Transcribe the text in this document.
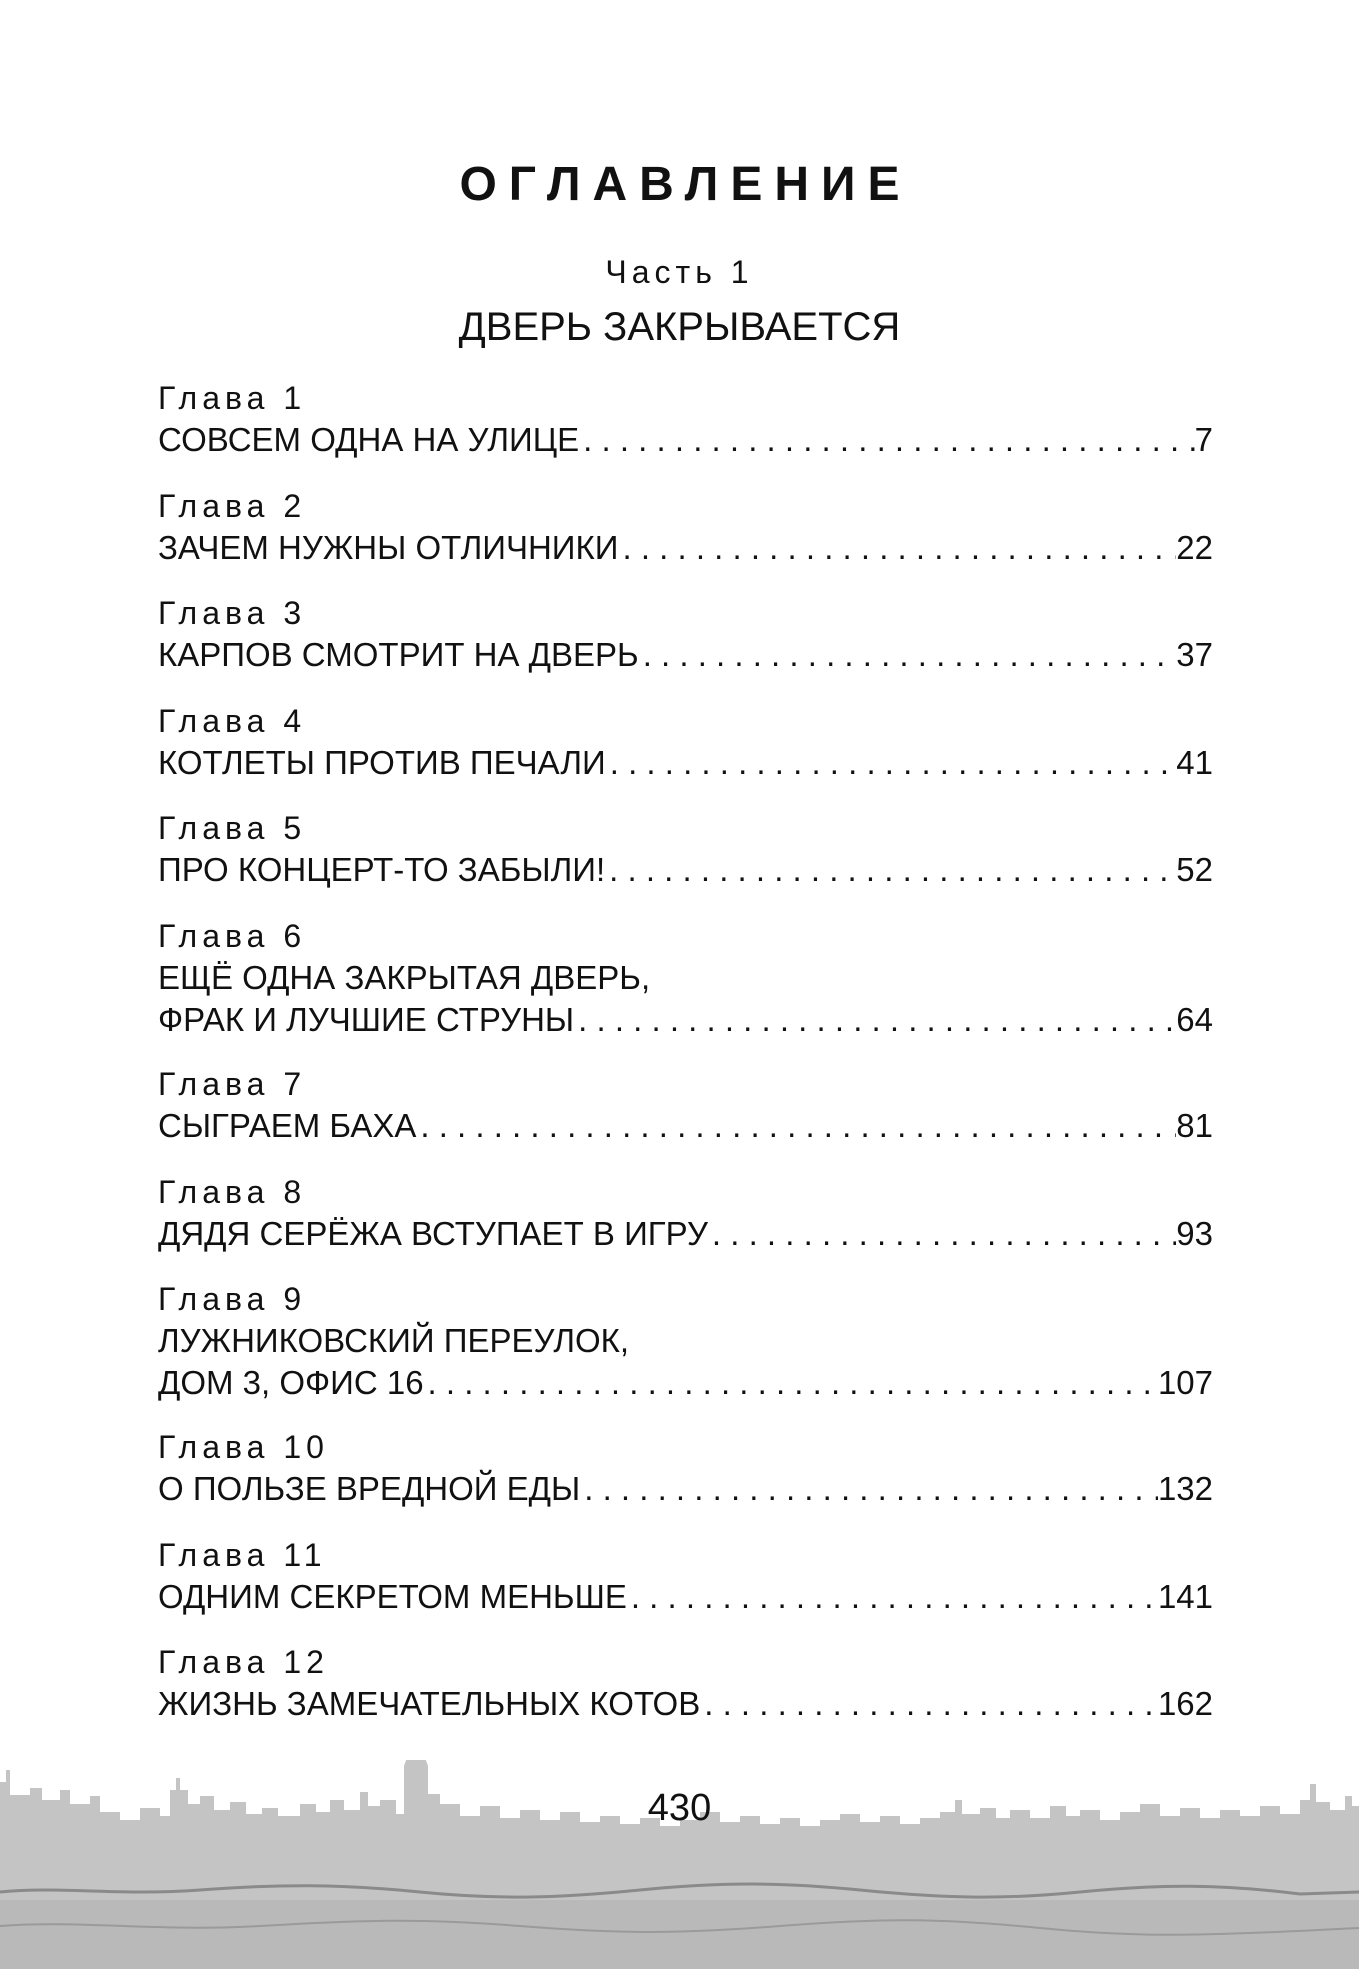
ОГЛАВЛЕНИЕ
Часть 1
ДВЕРЬ ЗАКРЫВАЕТСЯ
Глава 1
СОВСЕМ ОДНА НА УЛИЦЕ . . .	7
Глава 2
ЗАЧЕМ НУЖНЫ ОТЛИЧНИКИ . . .	22
Глава 3
КАРПОВ СМОТРИТ НА ДВЕРЬ . . .	37
Глава 4
КОТЛЕТЫ ПРОТИВ ПЕЧАЛИ . . .	41
Глава 5
ПРО КОНЦЕРТ-ТО ЗАБЫЛИ! . . .	52
Глава 6
ЕЩЁ ОДНА ЗАКРЫТАЯ ДВЕРЬ,
ФРАК И ЛУЧШИЕ СТРУНЫ . . .	64
Глава 7
СЫГРАЕМ БАХА . . .	81
Глава 8
ДЯДЯ СЕРЁЖА ВСТУПАЕТ В ИГРУ . . .	93
Глава 9
ЛУЖНИКОВСКИЙ ПЕРЕУЛОК,
ДОМ 3, ОФИС 16 . . .	107
Глава 10
О ПОЛЬЗЕ ВРЕДНОЙ ЕДЫ . . .	132
Глава 11
ОДНИМ СЕКРЕТОМ МЕНЬШЕ . . .	141
Глава 12
ЖИЗНЬ ЗАМЕЧАТЕЛЬНЫХ КОТОВ . . .	162
430
